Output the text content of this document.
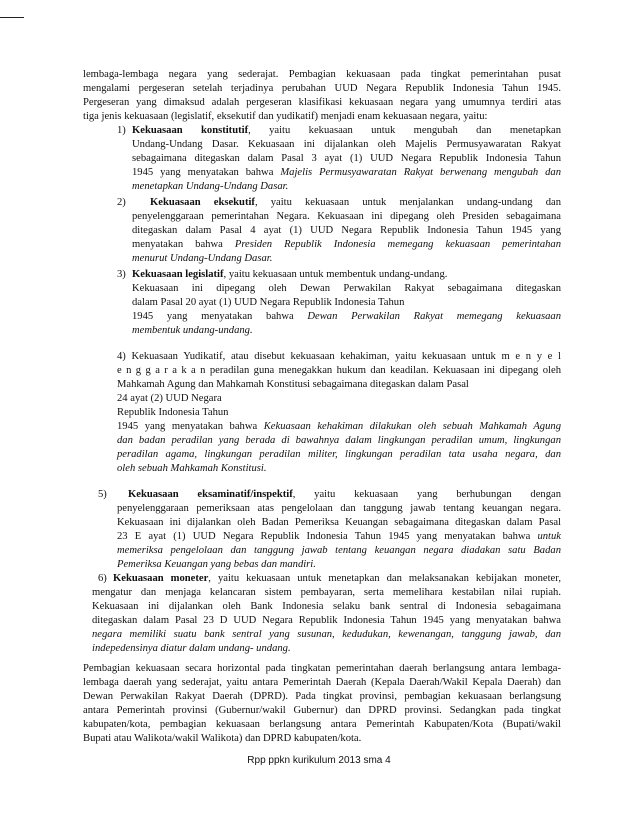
lembaga-lembaga negara yang sederajat. Pembagian kekuasaan pada tingkat pemerintahan pusat
mengalami pergeseran setelah terjadinya perubahan UUD Negara Republik Indonesia Tahun 1945.
Pergeseran yang dimaksud adalah pergeseran klasifikasi kekuasaan negara yang umumnya terdiri atas
tiga jenis kekuasaan (legislatif, eksekutif dan yudikatif) menjadi enam kekuasaan negara, yaitu:
1) Kekuasaan konstitutif, yaitu kekuasaan untuk mengubah dan menetapkan
Undang-Undang Dasar. Kekuasaan ini dijalankan oleh Majelis Permusyawaratan Rakyat
sebagaimana ditegaskan dalam Pasal 3 ayat (1) UUD Negara Republik Indonesia Tahun
1945 yang menyatakan bahwa Majelis Permusyawaratan Rakyat berwenang mengubah dan
menetapkan Undang-Undang Dasar.
2) Kekuasaan eksekutif, yaitu kekuasaan untuk menjalankan undang-undang dan
penyelenggaraan pemerintahan Negara. Kekuasaan ini dipegang oleh Presiden sebagaimana
ditegaskan dalam Pasal 4 ayat (1) UUD Negara Republik Indonesia Tahun 1945 yang
menyatakan bahwa Presiden Republik Indonesia memegang kekuasaan pemerintahan
menurut Undang-Undang Dasar.
3) Kekuasaan legislatif, yaitu kekuasaan untuk membentuk undang-undang.
Kekuasaan ini dipegang oleh Dewan Perwakilan Rakyat sebagaimana ditegaskan
dalam Pasal 20 ayat (1) UUD Negara Republik Indonesia Tahun
1945 yang menyatakan bahwa Dewan Perwakilan Rakyat memegang kekuasaan
membentuk undang-undang.
4) Kekuasaan Yudikatif, atau disebut kekuasaan kehakiman, yaitu kekuasaan untuk m e n y e l
e n g g a r a k a n peradilan guna menegakkan hukum dan keadilan. Kekuasaan ini dipegang oleh
Mahkamah Agung dan Mahkamah Konstitusi sebagaimana ditegaskan dalam Pasal
24 ayat (2) UUD Negara
Republik Indonesia Tahun
1945 yang menyatakan bahwa Kekuasaan kehakiman dilakukan oleh sebuah Mahkamah Agung
dan badan peradilan yang berada di bawahnya dalam lingkungan peradilan umum, lingkungan
peradilan agama, lingkungan peradilan militer, lingkungan peradilan tata usaha negara, dan
oleh sebuah Mahkamah Konstitusi.
5) Kekuasaan eksaminatif/inspektif, yaitu kekuasaan yang berhubungan dengan
penyelenggaraan pemeriksaan atas pengelolaan dan tanggung jawab tentang keuangan negara.
Kekuasaan ini dijalankan oleh Badan Pemeriksa Keuangan sebagaimana ditegaskan dalam Pasal
23 E ayat (1) UUD Negara Republik Indonesia Tahun 1945 yang menyatakan bahwa untuk
memeriksa pengelolaan dan tanggung jawab tentang keuangan negara diadakan satu Badan
Pemeriksa Keuangan yang bebas dan mandiri.
6) Kekuasaan moneter, yaitu kekuasaan untuk menetapkan dan melaksanakan kebijakan moneter,
mengatur dan menjaga kelancaran sistem pembayaran, serta memelihara kestabilan nilai rupiah.
Kekuasaan ini dijalankan oleh Bank Indonesia selaku bank sentral di Indonesia sebagaimana
ditegaskan dalam Pasal 23 D UUD Negara Republik Indonesia Tahun 1945 yang menyatakan bahwa
negara memiliki suatu bank sentral yang susunan, kedudukan, kewenangan, tanggung jawab, dan
indepedensinya diatur dalam undang- undang.
Pembagian kekuasaan secara horizontal pada tingkatan pemerintahan daerah berlangsung antara lembaga-
lembaga daerah yang sederajat, yaitu antara Pemerintah Daerah (Kepala Daerah/Wakil Kepala Daerah) dan
Dewan Perwakilan Rakyat Daerah (DPRD). Pada tingkat provinsi, pembagian kekuasaan berlangsung
antara Pemerintah provinsi (Gubernur/wakil Gubernur) dan DPRD provinsi. Sedangkan pada tingkat
kabupaten/kota, pembagian kekuasaan berlangsung antara Pemerintah Kabupaten/Kota (Bupati/wakil
Bupati atau Walikota/wakil Walikota) dan DPRD kabupaten/kota.
Rpp ppkn kurikulum 2013 sma 4
